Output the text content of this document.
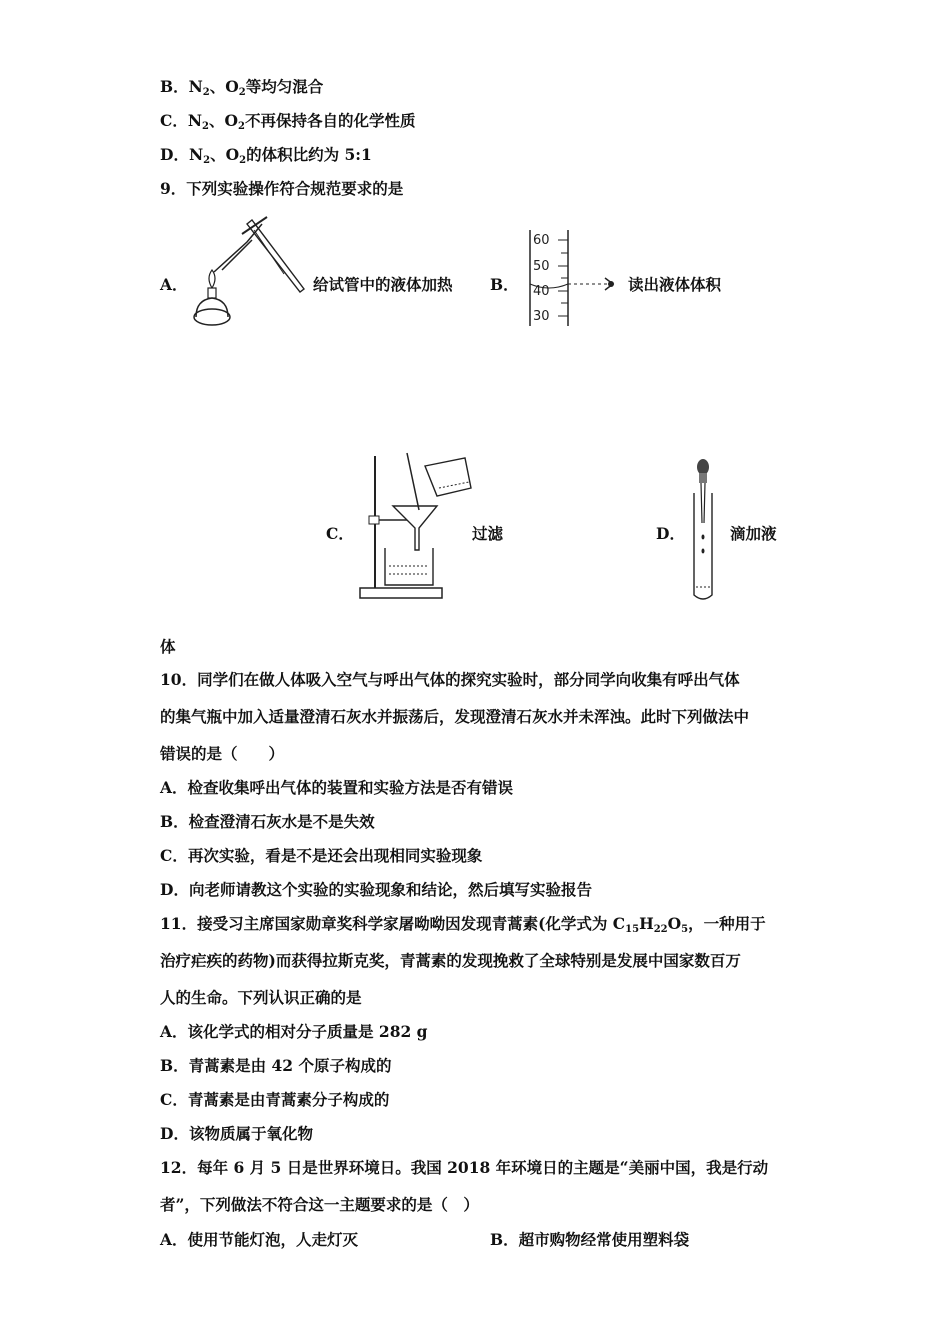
B．$N_2$、$O_2$等均匀混合
C．$N_2$、$O_2$不再保持各自的化学性质
D．$N_2$、$O_2$的体积比约为 5:1
9．下列实验操作符合规范要求的是
A．	给试管中的液体加热 B．
60
50
40
30
读出液体体积
C．	过滤	D．	滴加液
体
10．同学们在做人体吸入空气与呼出气体的探究实验时，部分同学向收集有呼出气体
的集气瓶中加入适量澄清石灰水并振荡后，发现澄清石灰水并未浑浊。此时下列做法中
错误的是（　　）
A．检查收集呼出气体的装置和实验方法是否有错误
B．检查澄清石灰水是不是失效
C．再次实验，看是不是还会出现相同实验现象
D．向老师请教这个实验的实验现象和结论，然后填写实验报告
11．接受习主席国家勋章奖科学家屠呦呦因发现青蒿素(化学式为 $C_{15}H_{22}O_5$，一种用于
治疗疟疾的药物)而获得拉斯克奖，青蒿素的发现挽救了全球特别是发展中国家数百万
人的生命。下列认识正确的是
A．该化学式的相对分子质量是 282 g
B．青蒿素是由 42 个原子构成的
C．青蒿素是由青蒿素分子构成的
D．该物质属于氧化物
12．每年 6 月 5 日是世界环境日。我国 2018 年环境日的主题是“美丽中国，我是行动
者”，下列做法不符合这一主题要求的是（　）
A．使用节能灯泡，人走灯灭	B．超市购物经常使用塑料袋
